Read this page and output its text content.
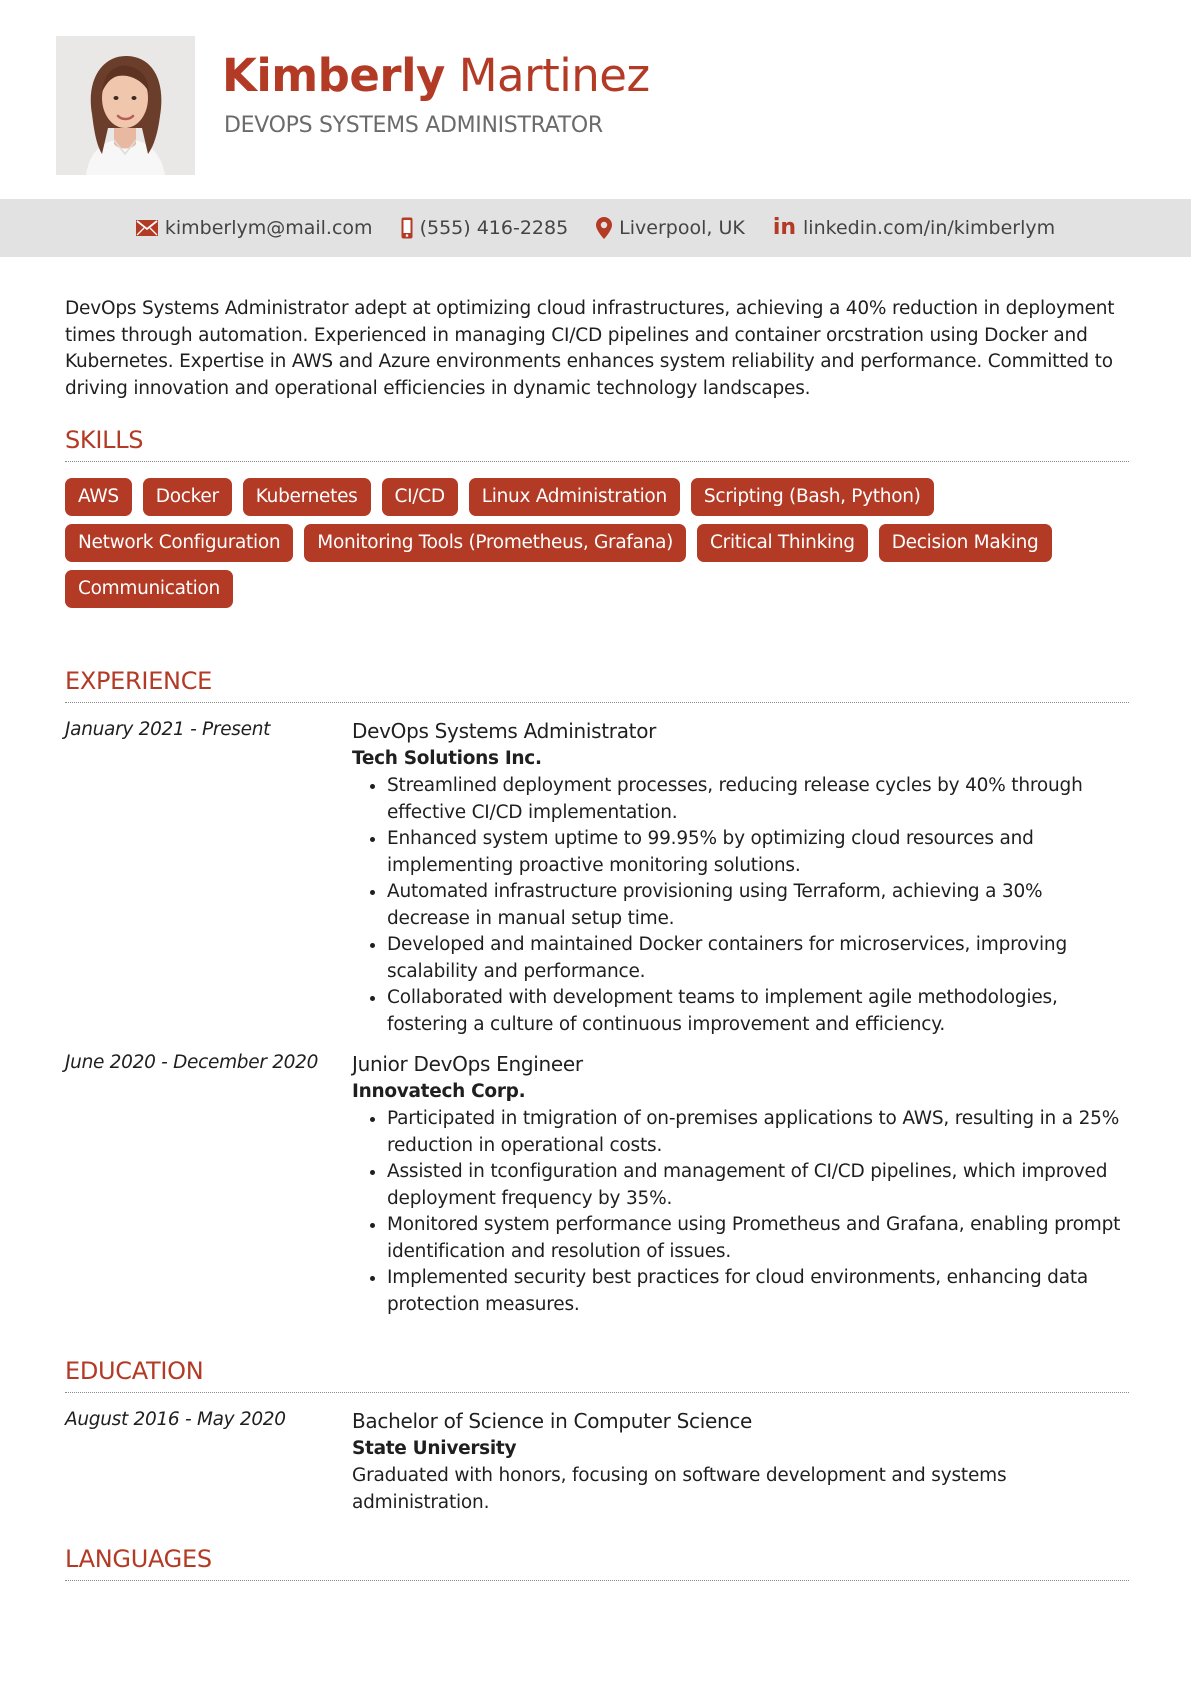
Kimberly Martinez
DEVOPS SYSTEMS ADMINISTRATOR
kimberlym@mail.com (555) 416-2285	Liverpool, UK in linkedin.com/in/kimberlym

DevOps Systems Administrator adept at optimizing cloud infrastructures, achieving a 40% reduction in deployment times through automation. Experienced in managing CI/CD pipelines and container orcstration using Docker and Kubernetes. Expertise in AWS and Azure environments enhances system reliability and performance. Committed to driving innovation and operational efficiencies in dynamic technology landscapes.

SKILLS
AWS	Docker	Kubernetes	CI/CD	Linux Administration	Scripting (Bash, Python)
Network Configuration	Monitoring Tools (Prometheus, Grafana)	Critical Thinking	Decision Making
Communication
EXPERIENCE
January 2021 - Present	DevOps Systems Administrator
Tech Solutions Inc.
• Streamlined deployment processes, reducing release cycles by 40% through effective CI/CD implementation.
• Enhanced system uptime to 99.95% by optimizing cloud resources and implementing proactive monitoring solutions.
• Automated infrastructure provisioning using Terraform, achieving a 30% decrease in manual setup time.
• Developed and maintained Docker containers for microservices, improving scalability and performance.
• Collaborated with development teams to implement agile methodologies, fostering a culture of continuous improvement and efficiency.
June 2020 - December 2020	Junior DevOps Engineer
Innovatech Corp.
• Participated in tmigration of on-premises applications to AWS, resulting in a 25% reduction in operational costs.
• Assisted in tconfiguration and management of CI/CD pipelines, which improved deployment frequency by 35%.
• Monitored system performance using Prometheus and Grafana, enabling prompt identification and resolution of issues.
• Implemented security best practices for cloud environments, enhancing data protection measures.
EDUCATION
August 2016 - May 2020	Bachelor of Science in Computer Science
State University

Graduated with honors, focusing on software development and systems administration.

LANGUAGES
